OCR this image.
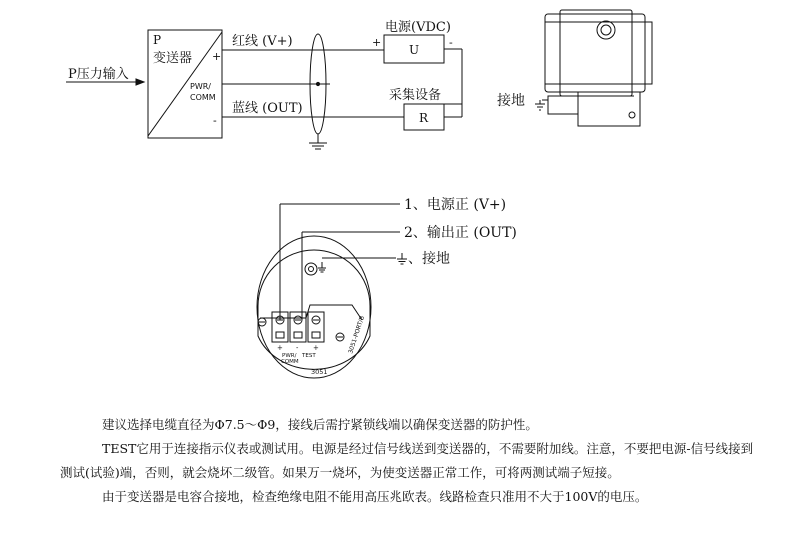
P压力输入
P
变送器 +
-
PWR/
COMM
红线 (V+)
蓝线 (OUT)
电源(VDC)
+	-
U
采集设备
R
接地
1、电源正 (V+)
2、输出正 (OUT)
、接地
PWR/
COMM
TEST
3051-PORT/B
3051
+ - +

建议选择电缆直径为Φ7.5～Φ9，接线后需拧紧锁线端以确保变送器的防护性。

TEST它用于连接指示仪表或测试用。电源是经过信号线送到变送器的，不需要附加线。注意，不要把电源-信号线接到测试(试验)端，否则，就会烧坏二级管。如果万一烧坏，为使变送器正常工作，可将两测试端子短接。

由于变送器是电容合接地，检查绝缘电阻不能用高压兆欧表。线路检查只准用不大于100V的电压。
